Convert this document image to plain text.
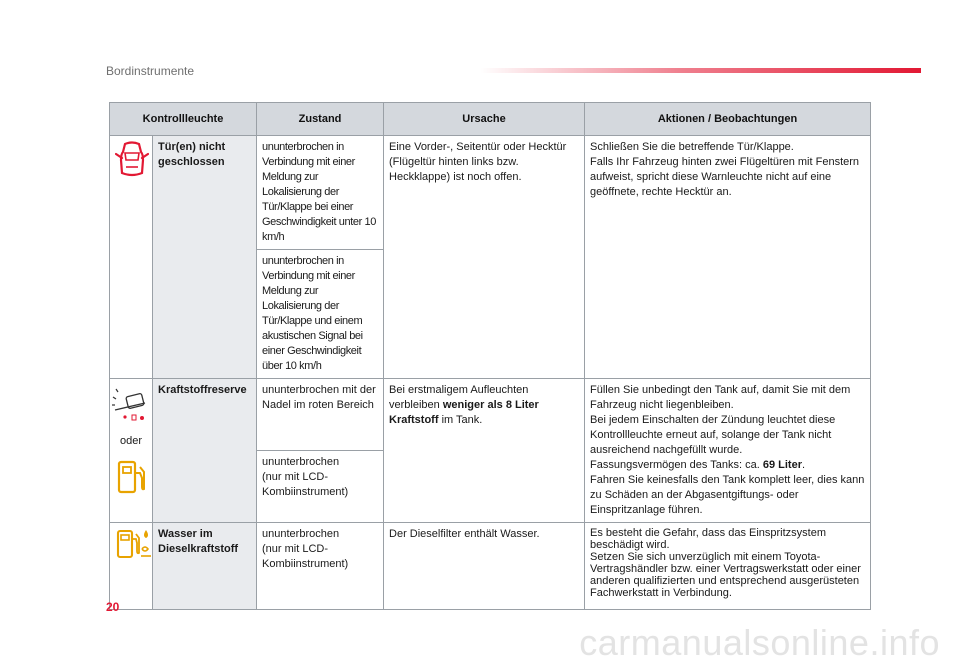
Bordinstrumente
Kontrollleuchte		Zustand	Ursache	Aktionen / Beobachtungen
	Tür(en) nicht geschlossen	ununterbrochen in Verbindung mit einer Meldung zur Lokalisierung der Tür/Klappe bei einer Geschwindigkeit unter 10 km/h	Eine Vorder-, Seitentür oder Hecktür (Flügeltür hinten links bzw. Heckklappe) ist noch offen.	Schließen Sie die betreffende Tür/Klappe.
Falls Ihr Fahrzeug hinten zwei Flügeltüren mit Fenstern aufweist, spricht diese Warnleuchte nicht auf eine geöffnete, rechte Hecktür an.
		ununterbrochen in Verbindung mit einer Meldung zur Lokalisierung der Tür/Klappe und einem akustischen Signal bei einer Geschwindigkeit über 10 km/h		

oder	Kraftstoffreserve	ununterbrochen mit der Nadel im roten Bereich	Bei erstmaligem Aufleuchten verbleiben weniger als 8 Liter Kraftstoff im Tank.	Füllen Sie unbedingt den Tank auf, damit Sie mit dem Fahrzeug nicht liegenbleiben.
Bei jedem Einschalten der Zündung leuchtet diese Kontrollleuchte erneut auf, solange der Tank nicht ausreichend nachgefüllt wurde.
Fassungsvermögen des Tanks: ca. 69 Liter.
Fahren Sie keinesfalls den Tank komplett leer, dies kann zu Schäden an der Abgasentgiftungs- oder Einspritzanlage führen.
		ununterbrochen
(nur mit LCD-Kombiinstrument)		
	Wasser im Dieselkraftstoff	ununterbrochen
(nur mit LCD-Kombiinstrument)	Der Dieselfilter enthält Wasser.	Es besteht die Gefahr, dass das Einspritzsystem beschädigt wird.
Setzen Sie sich unverzüglich mit einem Toyota-Vertragshändler bzw. einer Vertragswerkstatt oder einer anderen qualifizierten und entsprechend ausgerüsteten Fachwerkstatt in Verbindung.
20
carmanualsonline.info
